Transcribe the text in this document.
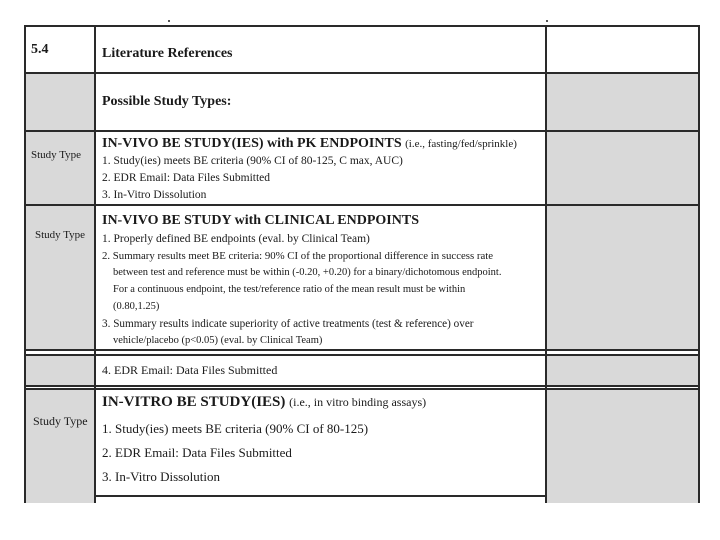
5.4	Literature References
Possible Study Types:
Study Type
IN-VIVO BE STUDY(IES) with PK ENDPOINTS (i.e., fasting/fed/sprinkle)
1. Study(ies) meets BE criteria (90% CI of 80-125, C max, AUC)
2. EDR Email: Data Files Submitted
3. In-Vitro Dissolution
Study Type
IN-VIVO BE STUDY with CLINICAL ENDPOINTS
1. Properly defined BE endpoints (eval. by Clinical Team)
2. Summary results meet BE criteria: 90% CI of the proportional difference in success rate
between test and reference must be within (-0.20, +0.20) for a binary/dichotomous endpoint.
For a continuous endpoint, the test/reference ratio of the mean result must be within
(0.80,1.25)
3. Summary results indicate superiority of active treatments (test & reference) over
vehicle/placebo (p<0.05) (eval. by Clinical Team)
4. EDR Email: Data Files Submitted
Study Type
IN-VITRO BE STUDY(IES) (i.e., in vitro binding assays)
1. Study(ies) meets BE criteria (90% CI of 80-125)
2. EDR Email: Data Files Submitted
3. In-Vitro Dissolution
